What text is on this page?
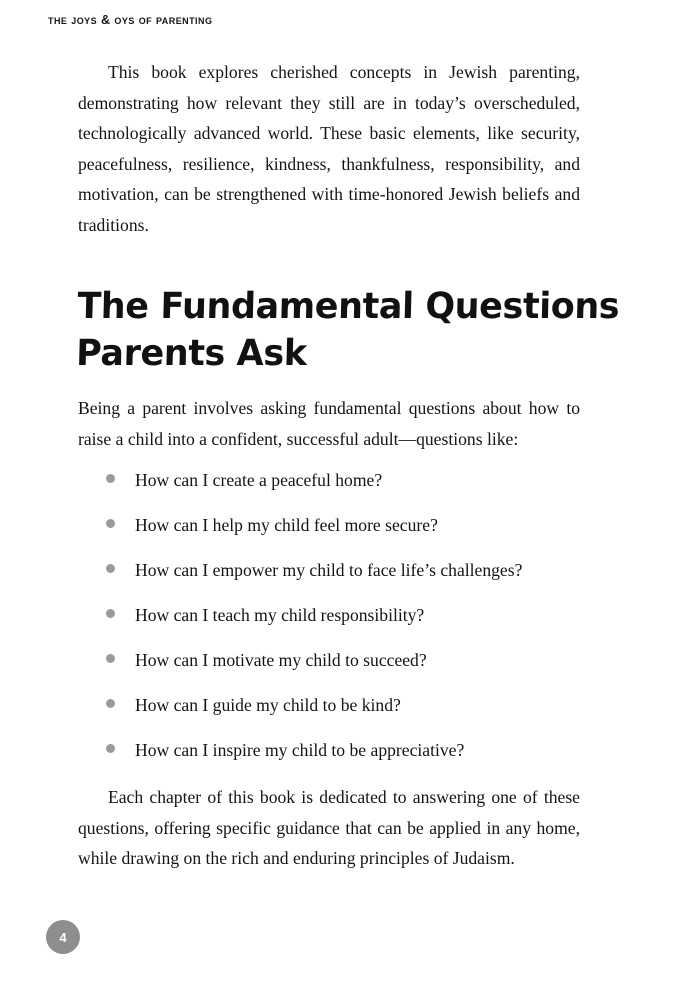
the joys & oys of parenting

This book explores cherished concepts in Jewish parenting, demonstrating how relevant they still are in today’s overscheduled, technologically advanced world. These basic elements, like security, peacefulness, resilience, kindness, thankfulness, responsibility, and motivation, can be strengthened with time-honored Jewish beliefs and traditions.

The Fundamental Questions
Parents Ask

Being a parent involves asking fundamental questions about how to raise a child into a confident, successful adult—questions like:

How can I create a peaceful home?
How can I help my child feel more secure?
How can I empower my child to face life’s challenges?
How can I teach my child responsibility?
How can I motivate my child to succeed?
How can I guide my child to be kind?
How can I inspire my child to be appreciative?

Each chapter of this book is dedicated to answering one of these questions, offering specific guidance that can be applied in any home, while drawing on the rich and enduring principles of Judaism.

4
